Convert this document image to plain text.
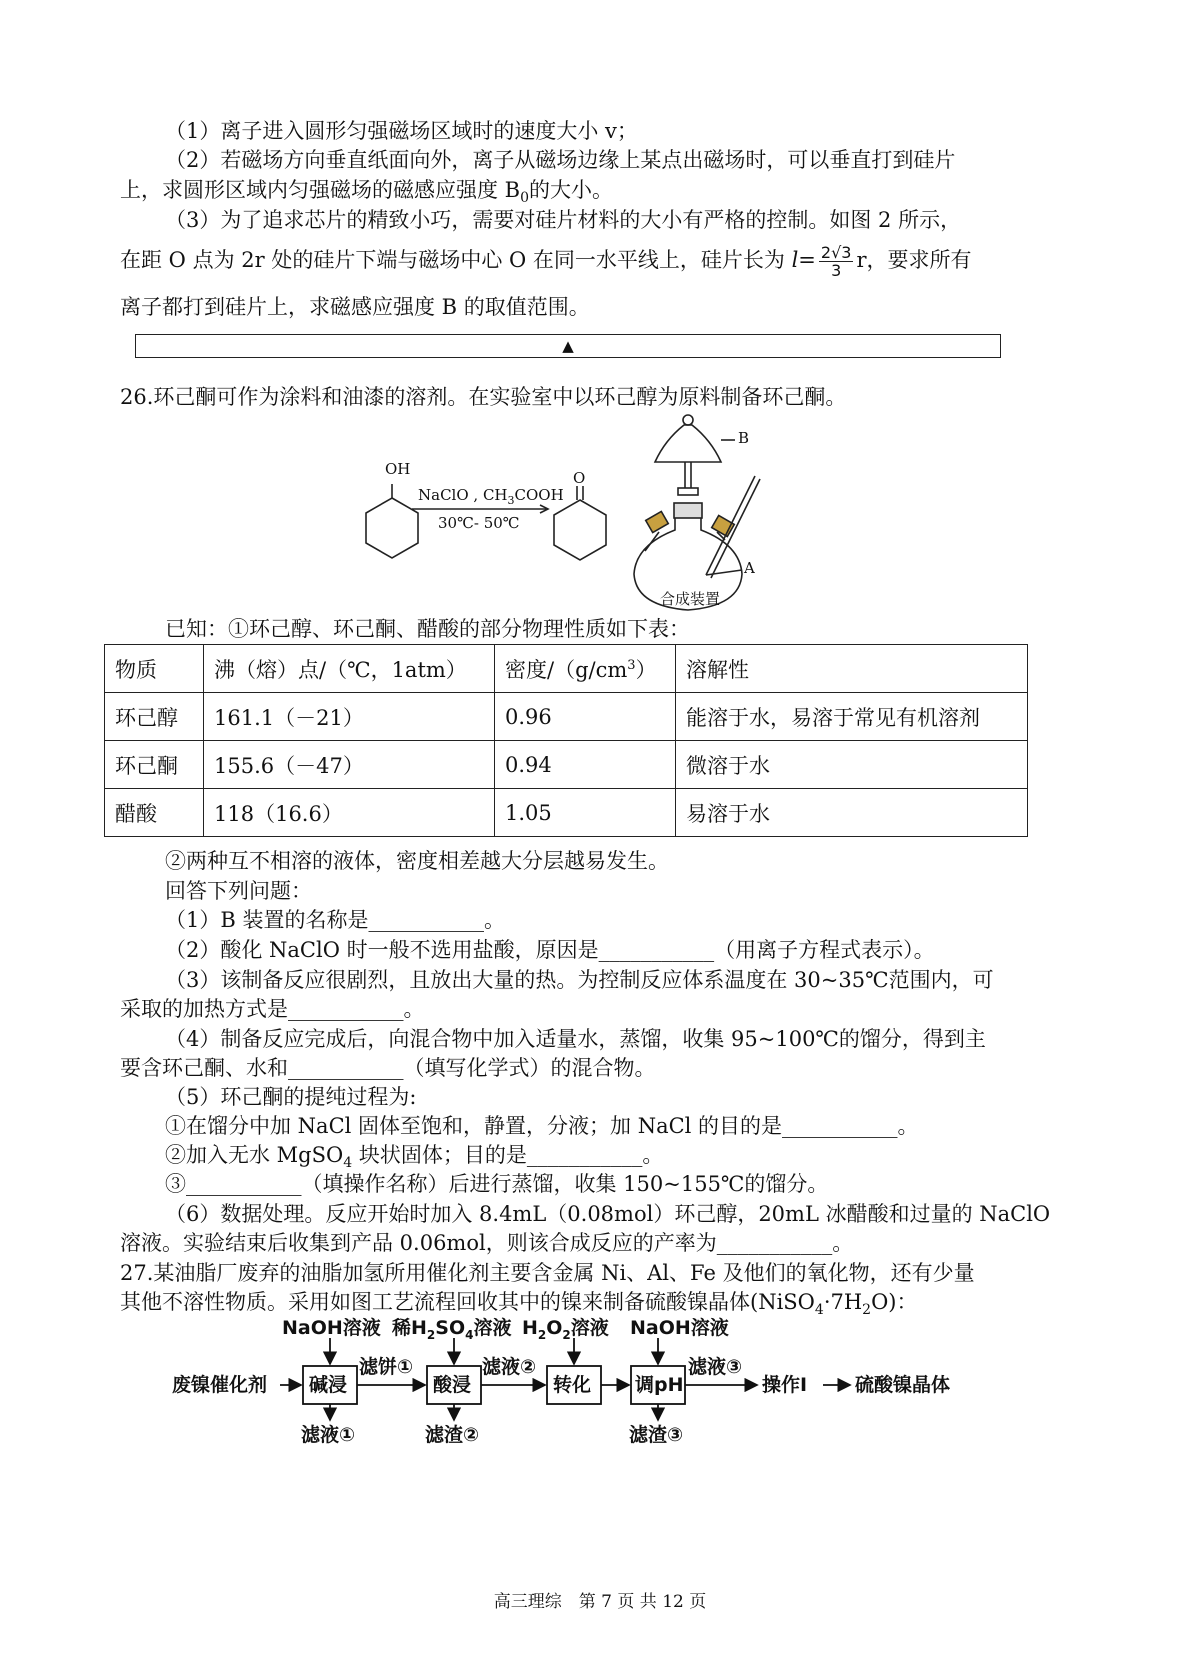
（1）离子进入圆形匀强磁场区域时的速度大小 v；
（2）若磁场方向垂直纸面向外，离子从磁场边缘上某点出磁场时，可以垂直打到硅片
上，求圆形区域内匀强磁场的磁感应强度 $B_0$的大小。
（3）为了追求芯片的精致小巧，需要对硅片材料的大小有严格的控制。如图 2 所示，
在距 O 点为 2r 处的硅片下端与磁场中心 O 在同一水平线上，硅片长为 $l= \frac{2√3}{3}$ r，要求所有
离子都打到硅片上，求磁感应强度 B 的取值范围。
▲
26.环己酮可作为涂料和油漆的溶剂。在实验室中以环己醇为原料制备环己酮。
OH	O
NaClO , $CH_3COOH$
30℃- 50℃
B
A
合成装置
已知：①环己醇、环己酮、醋酸的部分物理性质如下表：
物质	沸（熔）点/（℃，1atm）	密度$/(g/cm^3)$	溶解性
环己醇	161.1（－21）	0.96	能溶于水，易溶于常见有机溶剂
环己酮	155.6（－47）	0.94	微溶于水
醋酸	118（16.6）	1.05	易溶于水
②两种互不相溶的液体，密度相差越大分层越易发生。
回答下列问题：
（1）B 装置的名称是___________。
（2）酸化 NaClO 时一般不选用盐酸，原因是___________（用离子方程式表示）。
（3）该制备反应很剧烈，且放出大量的热。为控制反应体系温度在 30~35℃范围内，可
采取的加热方式是___________。
（4）制备反应完成后，向混合物中加入适量水，蒸馏，收集 95~100℃的馏分，得到主
要含环己酮、水和___________（填写化学式）的混合物。
（5）环己酮的提纯过程为:
①在馏分中加 NaCl 固体至饱和，静置，分液；加 NaCl 的目的是___________。
②加入无水 MgSO$_4$ 块状固体；目的是___________。
③___________（填操作名称）后进行蒸馏，收集 150~155℃的馏分。
（6）数据处理。反应开始时加入 8.4mL（0.08mol）环己醇，20mL 冰醋酸和过量的 NaClO
溶液。实验结束后收集到产品 0.06mol，则该合成反应的产率为___________。
27.某油脂厂废弃的油脂加氢所用催化剂主要含金属 Ni、Al、Fe 及他们的氧化物，还有少量
其他不溶性物质。采用如图工艺流程回收其中的镍来制备硫酸镍晶体$(NiSO_4\cdot 7H_2O)$：
NaOH溶液 稀$H_2SO_4$溶液 $H_2O_2$溶液 NaOH溶液
废镍催化剂 碱浸
滤饼①
酸浸
滤液②
转化 调pH
滤液③
操作Ⅰ	硫酸镍晶体
滤液①	滤渣②	滤渣③
高三理综　第 7 页 共 12 页
